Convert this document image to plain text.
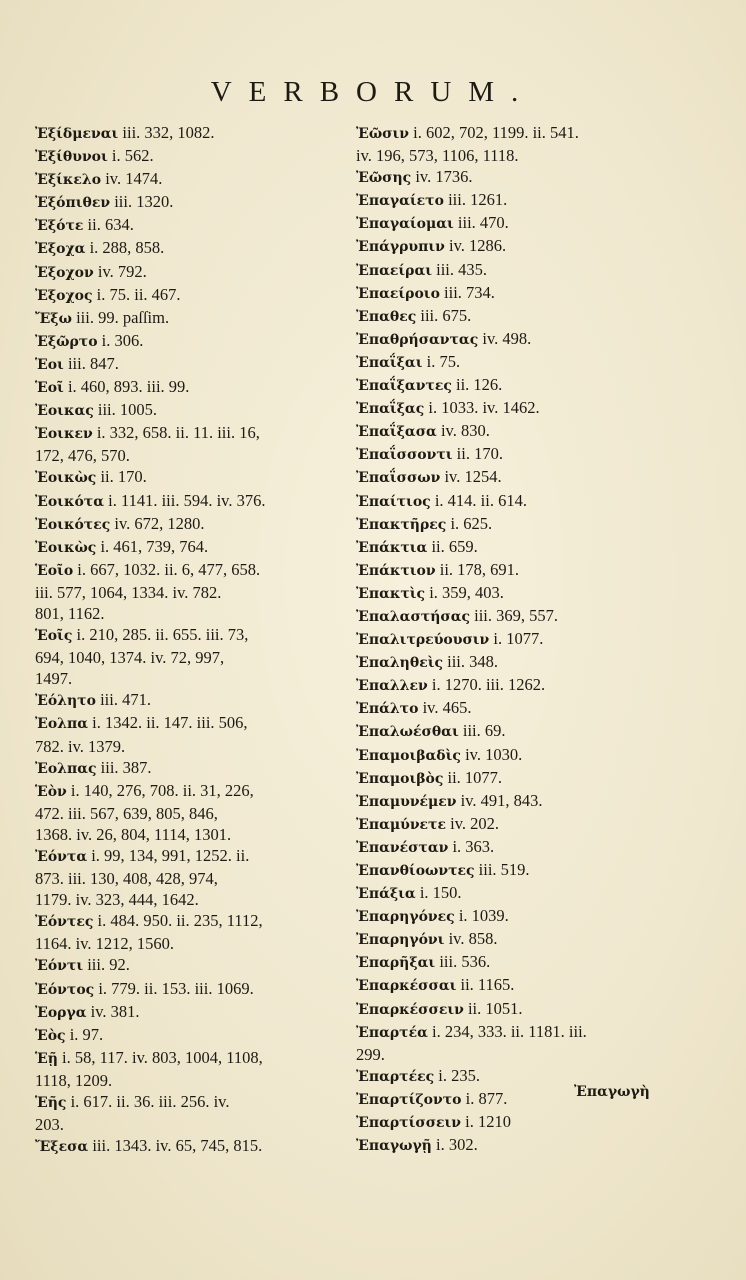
VERBORUM.
Ἐξίδμεναι iii. 332, 1082.
Ἐξίθυνοι i. 562.
Ἐξίκελο iv. 1474.
Ἐξόπιθεν iii. 1320.
Ἐξότε ii. 634.
Ἐξοχα i. 288, 858.
Ἐξοχον iv. 792.
Ἐξοχος i. 75. ii. 467.
Ἔξω iii. 99. paſſim.
Ἐξῶρτο i. 306.
Ἑοι iii. 847.
Ἑοῖ i. 460, 893. iii. 99.
Ἐοικας iii. 1005.
Ἐοικεν i. 332, 658. ii. 11. iii. 16,
172, 476, 570.
Ἐοικὼς ii. 170.
Ἐοικότα i. 1141. iii. 594. iv. 376.
Ἐοικότες iv. 672, 1280.
Ἐοικὼς i. 461, 739, 764.
Ἑοῖο i. 667, 1032. ii. 6, 477, 658.
iii. 577, 1064, 1334. iv. 782.
801, 1162.
Ἑοῖς i. 210, 285. ii. 655. iii. 73,
694, 1040, 1374. iv. 72, 997,
1497.
Ἐόλητο iii. 471.
Ἐολπα i. 1342. ii. 147. iii. 506,
782. iv. 1379.
Ἐολπας iii. 387.
Ἑὸν i. 140, 276, 708. ii. 31, 226,
472. iii. 567, 639, 805, 846,
1368. iv. 26, 804, 1114, 1301.
Ἐόντα i. 99, 134, 991, 1252. ii.
873. iii. 130, 408, 428, 974,
1179. iv. 323, 444, 1642.
Ἐόντες i. 484. 950. ii. 235, 1112,
1164. iv. 1212, 1560.
Ἐόντι iii. 92.
Ἐόντος i. 779. ii. 153. iii. 1069.
Ἐοργα iv. 381.
Ἑὸς i. 97.
Ἑῇ i. 58, 117. iv. 803, 1004, 1108,
1118, 1209.
Ἑῆς i. 617. ii. 36. iii. 256. iv.
203.
Ἔξεσα iii. 1343. iv. 65, 745, 815.
Ἐῶσιν i. 602, 702, 1199. ii. 541.
iv. 196, 573, 1106, 1118.
Ἐῶσης iv. 1736.
Ἐπαγαίετο iii. 1261.
Ἐπαγαίομαι iii. 470.
Ἐπάγρυπιν iv. 1286.
Ἐπαείραι iii. 435.
Ἐπαείροιο iii. 734.
Ἐπαθες iii. 675.
Ἐπαθρήσαντας iv. 498.
Ἐπαΐξαι i. 75.
Ἐπαΐξαντες ii. 126.
Ἐπαΐξας i. 1033. iv. 1462.
Ἐπαΐξασα iv. 830.
Ἐπαΐσσοντι ii. 170.
Ἐπαΐσσων iv. 1254.
Ἐπαίτιος i. 414. ii. 614.
Ἐπακτῆρες i. 625.
Ἐπάκτια ii. 659.
Ἐπάκτιον ii. 178, 691.
Ἐπακτὶς i. 359, 403.
Ἐπαλαστήσας iii. 369, 557.
Ἐπαλιτρεύουσιν i. 1077.
Ἐπαληθεὶς iii. 348.
Ἐπαλλεν i. 1270. iii. 1262.
Ἐπάλτο iv. 465.
Ἐπαλωέσθαι iii. 69.
Ἐπαμοιβαδὶς iv. 1030.
Ἐπαμοιβὸς ii. 1077.
Ἐπαμυνέμεν iv. 491, 843.
Ἐπαμύνετε iv. 202.
Ἐπανέσταν i. 363.
Ἐπανθίοωντες iii. 519.
Ἐπάξια i. 150.
Ἐπαρηγόνες i. 1039.
Ἐπαρηγόνι iv. 858.
Ἐπαρῆξαι iii. 536.
Ἐπαρκέσσαι ii. 1165.
Ἐπαρκέσσειν ii. 1051.
Ἐπαρτέα i. 234, 333. ii. 1181. iii.
299.
Ἐπαρτέες i. 235.
Ἐπαρτίζοντο i. 877.
Ἐπαρτίσσειν i. 1210
Ἐπαγωγῇ i. 302.
Ἐπαγωγὴ
